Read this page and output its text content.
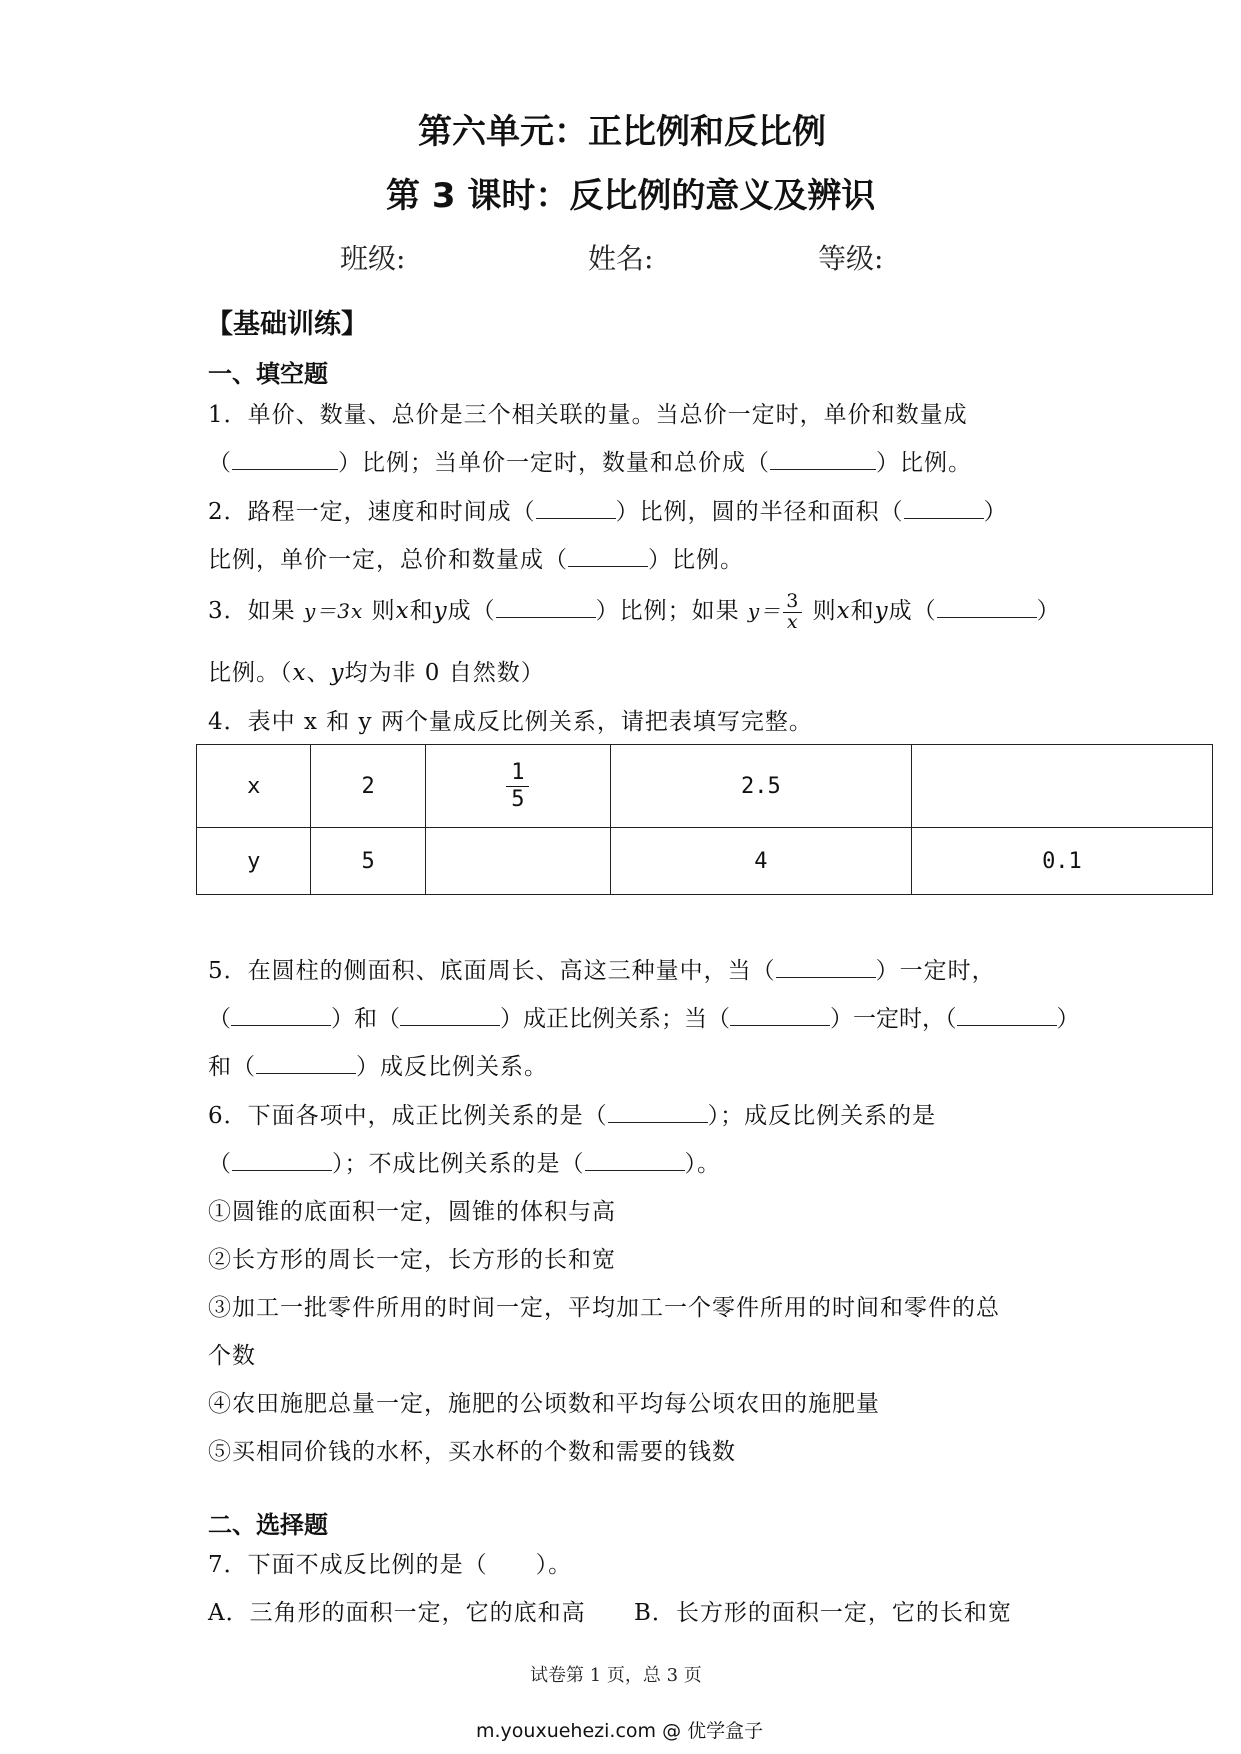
第六单元：正比例和反比例
第 3 课时：反比例的意义及辨识
班级:	姓名:	等级:
【基础训练】
一、填空题
1．单价、数量、总价是三个相关联的量。当总价一定时，单价和数量成
（	）比例；当单价一定时，数量和总价成（	）比例。
2．路程一定，速度和时间成（	）比例，圆的半径和面积（	）
比例，单价一定，总价和数量成（	）比例。
3．如果 y＝3x 则x和y成（	）比例；如果 $y= \frac{3}{x}$ 则x和y成（	）
比例。（x、y均为非 0 自然数）
4．表中 x 和 y 两个量成反比例关系，请把表填写完整。
x	2	$\frac{1}{5}$	2.5	
y	5		4	0.1
5．在圆柱的侧面积、底面周长、高这三种量中，当（	）一定时，
（	）和（	）成正比例关系；当（	）一定时，（	）
和（	）成反比例关系。
6．下面各项中，成正比例关系的是（	）；成反比例关系的是
（	）；不成比例关系的是（	）。
①圆锥的底面积一定，圆锥的体积与高
②长方形的周长一定，长方形的长和宽
③加工一批零件所用的时间一定，平均加工一个零件所用的时间和零件的总
个数
④农田施肥总量一定，施肥的公顷数和平均每公顷农田的施肥量
⑤买相同价钱的水杯，买水杯的个数和需要的钱数
二、选择题
7．下面不成反比例的是（　　）。
A．三角形的面积一定，它的底和高 B．长方形的面积一定，它的长和宽
试卷第 1 页，总 3 页
m.youxuehezi.com @ 优学盒子
